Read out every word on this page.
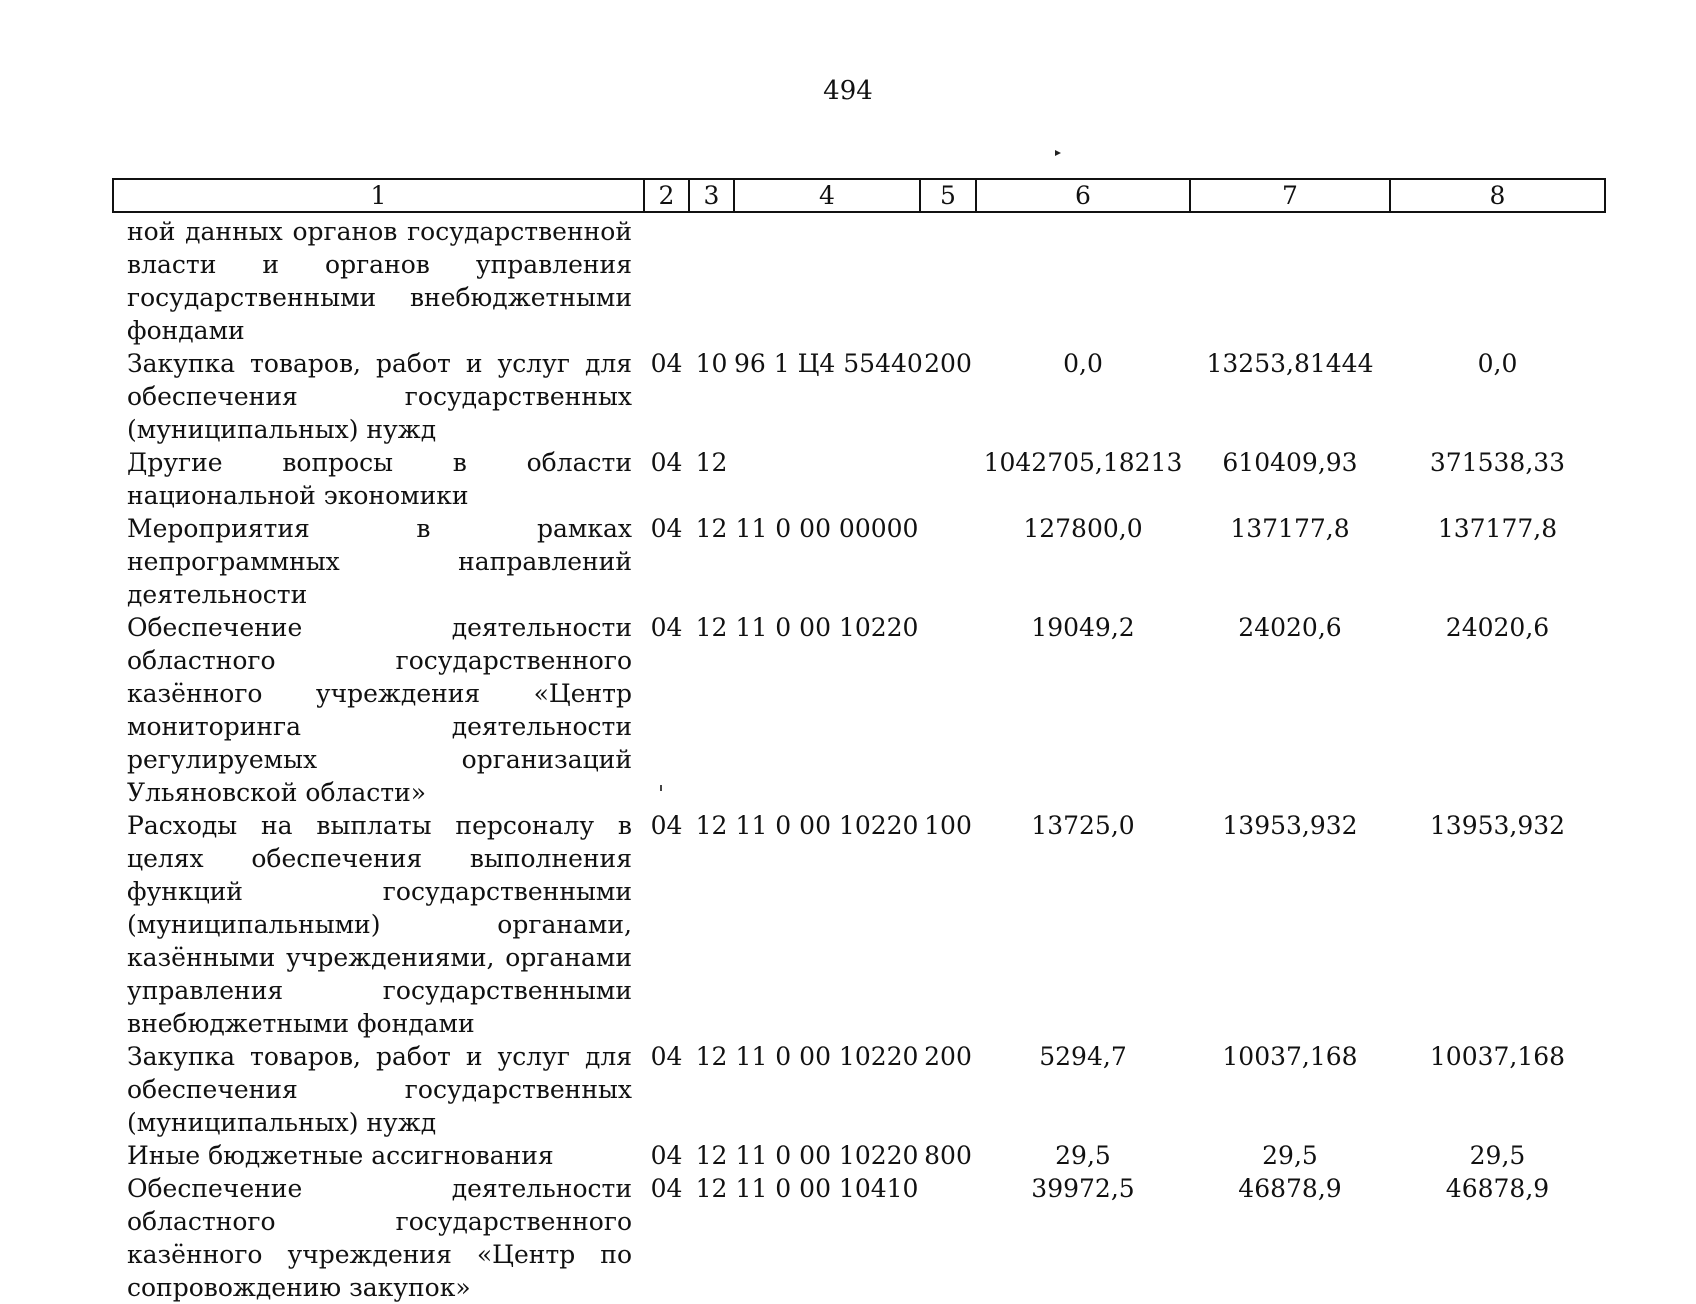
494
1	2	3	4	5	6	7	8
ной данных органов государственной власти и органов управления государственными внебюджетными фондами							
Закупка товаров, работ и услуг для обеспечения государственных (муниципальных) нужд	04	10	96 1 Ц4 55440	200	0,0	13253,81444	0,0
Другие вопросы в области национальной экономики	04	12			1042705,18213	610409,93	371538,33
Мероприятия в рамках непрограммных направлений деятельности	04	12	11 0 00 00000		127800,0	137177,8	137177,8
Обеспечение деятельности областного государственного казённого учреждения «Центр мониторинга деятельности регулируемых организаций Ульяновской области»	04	12	11 0 00 10220		19049,2	24020,6	24020,6
Расходы на выплаты персоналу в целях обеспечения выполнения функций государственными (муниципальными) органами, казёнными учреждениями, органами управления государственными внебюджетными фондами	04	12	11 0 00 10220	100	13725,0	13953,932	13953,932
Закупка товаров, работ и услуг для обеспечения государственных (муниципальных) нужд	04	12	11 0 00 10220	200	5294,7	10037,168	10037,168
Иные бюджетные ассигнования	04	12	11 0 00 10220	800	29,5	29,5	29,5
Обеспечение деятельности областного государственного казённого учреждения «Центр по сопровождению закупок»	04	12	11 0 00 10410		39972,5	46878,9	46878,9
